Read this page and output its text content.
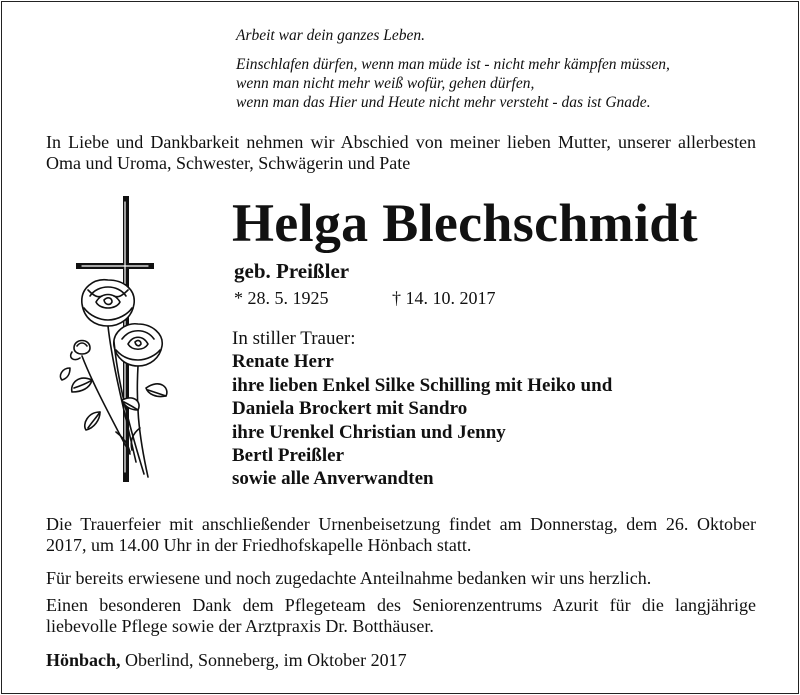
Arbeit war dein ganzes Leben.
Einschlafen dürfen, wenn man müde ist - nicht mehr kämpfen müssen,
wenn man nicht mehr weiß wofür, gehen dürfen,
wenn man das Hier und Heute nicht mehr versteht - das ist Gnade.
In Liebe und Dankbarkeit nehmen wir Abschied von meiner lieben Mutter, unserer allerbesten Oma und Uroma, Schwester, Schwägerin und Pate
Helga Blechschmidt
geb. Preißler
* 28. 5. 1925	† 14. 10. 2017
In stiller Trauer:
Renate Herr
ihre lieben Enkel Silke Schilling mit Heiko und
Daniela Brockert mit Sandro
ihre Urenkel Christian und Jenny
Bertl Preißler
sowie alle Anverwandten
Die Trauerfeier mit anschließender Urnenbeisetzung findet am Donnerstag, dem 26. Oktober 2017, um 14.00 Uhr in der Friedhofskapelle Hönbach statt.
Für bereits erwiesene und noch zugedachte Anteilnahme bedanken wir uns herzlich.
Einen besonderen Dank dem Pflegeteam des Seniorenzentrums Azurit für die langjährige liebevolle Pflege sowie der Arztpraxis Dr. Botthäuser.
Hönbach, Oberlind, Sonneberg, im Oktober 2017
